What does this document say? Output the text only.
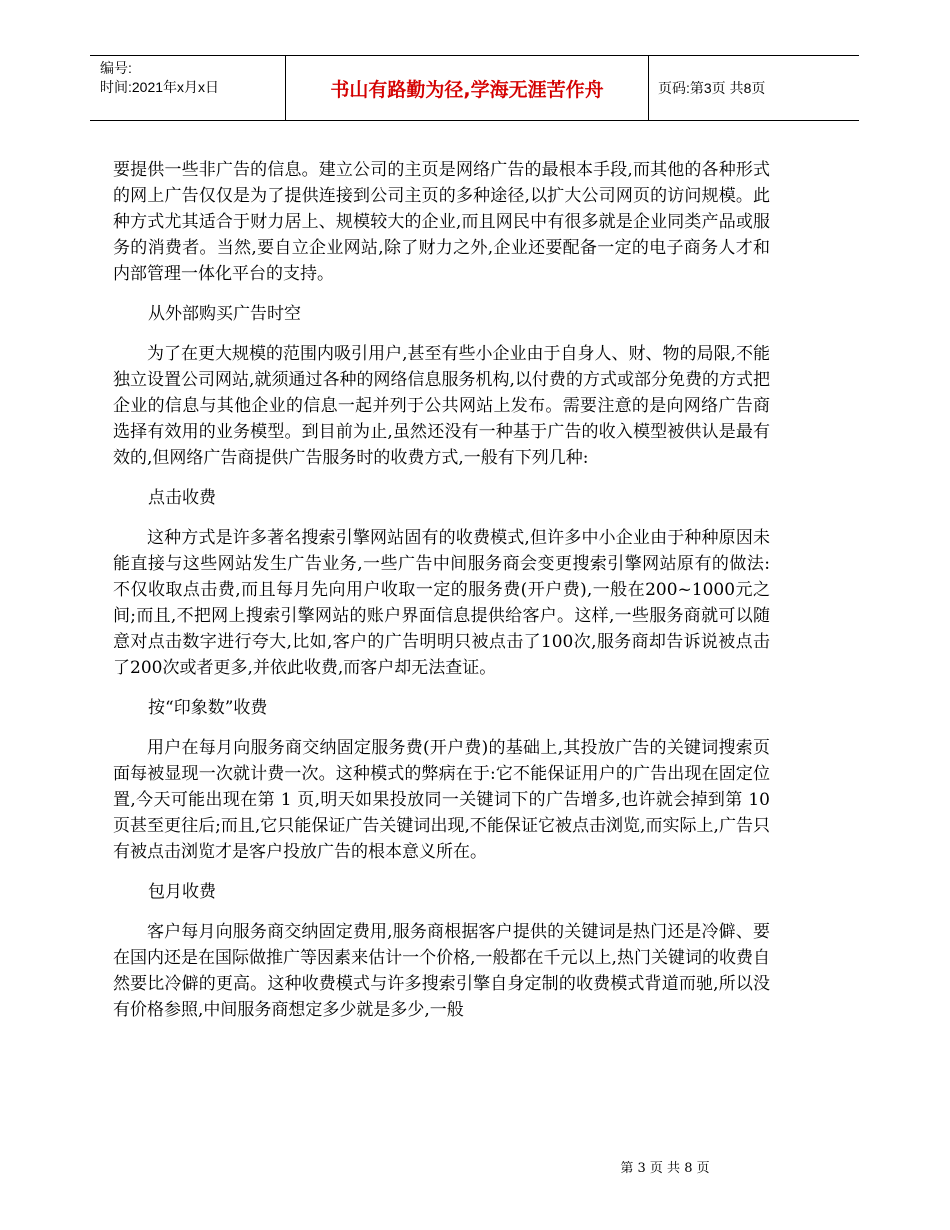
编号:
时间:2021年x月x日	书山有路勤为径,学海无涯苦作舟	页码:第3页 共8页

要提供一些非广告的信息。建立公司的主页是网络广告的最根本手段,而其他的各种形式的网上广告仅仅是为了提供连接到公司主页的多种途径,以扩大公司网页的访问规模。此种方式尤其适合于财力居上、规模较大的企业,而且网民中有很多就是企业同类产品或服务的消费者。当然,要自立企业网站,除了财力之外,企业还要配备一定的电子商务人才和内部管理一体化平台的支持。

从外部购买广告时空

为了在更大规模的范围内吸引用户,甚至有些小企业由于自身人、财、物的局限,不能独立设置公司网站,就须通过各种的网络信息服务机构,以付费的方式或部分免费的方式把企业的信息与其他企业的信息一起并列于公共网站上发布。需要注意的是向网络广告商选择有效用的业务模型。到目前为止,虽然还没有一种基于广告的收入模型被供认是最有效的,但网络广告商提供广告服务时的收费方式,一般有下列几种:

点击收费

这种方式是许多著名搜索引擎网站固有的收费模式,但许多中小企业由于种种原因未能直接与这些网站发生广告业务,一些广告中间服务商会变更搜索引擎网站原有的做法:不仅收取点击费,而且每月先向用户收取一定的服务费(开户费),一般在200~1000元之间;而且,不把网上搜索引擎网站的账户界面信息提供给客户。这样,一些服务商就可以随意对点击数字进行夸大,比如,客户的广告明明只被点击了100次,服务商却告诉说被点击了200次或者更多,并依此收费,而客户却无法查证。

按“印象数”收费

用户在每月向服务商交纳固定服务费(开户费)的基础上,其投放广告的关键词搜索页面每被显现一次就计费一次。这种模式的弊病在于:它不能保证用户的广告出现在固定位置,今天可能出现在第 1 页,明天如果投放同一关键词下的广告增多,也许就会掉到第 10 页甚至更往后;而且,它只能保证广告关键词出现,不能保证它被点击浏览,而实际上,广告只有被点击浏览才是客户投放广告的根本意义所在。

包月收费

客户每月向服务商交纳固定费用,服务商根据客户提供的关键词是热门还是冷僻、要在国内还是在国际做推广等因素来估计一个价格,一般都在千元以上,热门关键词的收费自然要比冷僻的更高。这种收费模式与许多搜索引擎自身定制的收费模式背道而驰,所以没有价格参照,中间服务商想定多少就是多少,一般

第 3 页 共 8 页
